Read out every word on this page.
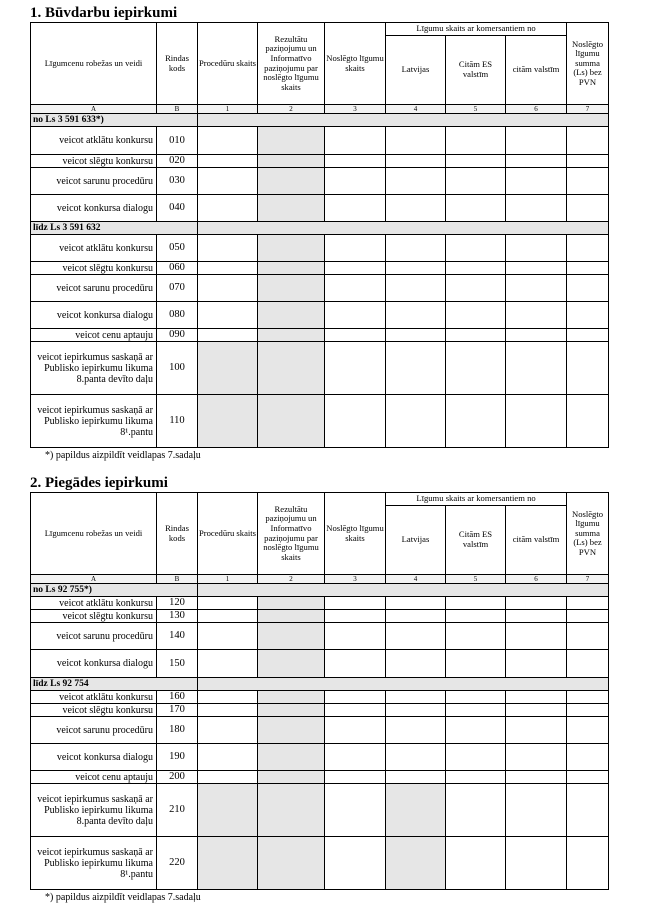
1. Būvdarbu iepirkumi
Līgumcenu robežas un veidi	Rindas kods	Procedūru skaits	Rezultātu paziņojumu un Informatīvo paziņojumu par noslēgto līgumu skaits	Noslēgto līgumu skaits	Līgumu skaits ar komersantiem no			Noslēgto līgumu summa (Ls) bez PVN
					Latvijas	Citām ES valstīm	citām valstīm	
A	B	1	2	3	4	5	6	7
no Ls 3 591 633*)								
veicot atklātu konkursu	010							
veicot slēgtu konkursu	020							
veicot sarunu procedūru	030							
veicot konkursa dialogu	040							
līdz Ls 3 591 632								
veicot atklātu konkursu	050							
veicot slēgtu konkursu	060							
veicot sarunu procedūru	070							
veicot konkursa dialogu	080							
veicot cenu aptauju	090							
veicot iepirkumus saskaņā ar Publisko iepirkumu likuma 8.panta devīto daļu	100							
veicot iepirkumus saskaņā ar Publisko iepirkumu likuma 8¹.pantu	110							
*) papildus aizpildīt veidlapas 7.sadaļu
2. Piegādes iepirkumi
Līgumcenu robežas un veidi	Rindas kods	Procedūru skaits	Rezultātu paziņojumu un Informatīvo paziņojumu par noslēgto līgumu skaits	Noslēgto līgumu skaits	Līgumu skaits ar komersantiem no			Noslēgto līgumu summa (Ls) bez PVN
					Latvijas	Citām ES valstīm	citām valstīm	
A	B	1	2	3	4	5	6	7
no Ls 92 755*)								
veicot atklātu konkursu	120							
veicot slēgtu konkursu	130							
veicot sarunu procedūru	140							
veicot konkursa dialogu	150							
līdz Ls 92 754								
veicot atklātu konkursu	160							
veicot slēgtu konkursu	170							
veicot sarunu procedūru	180							
veicot konkursa dialogu	190							
veicot cenu aptauju	200							
veicot iepirkumus saskaņā ar Publisko iepirkumu likuma 8.panta devīto daļu	210							
veicot iepirkumus saskaņā ar Publisko iepirkumu likuma 8¹.pantu	220							
*) papildus aizpildīt veidlapas 7.sadaļu
